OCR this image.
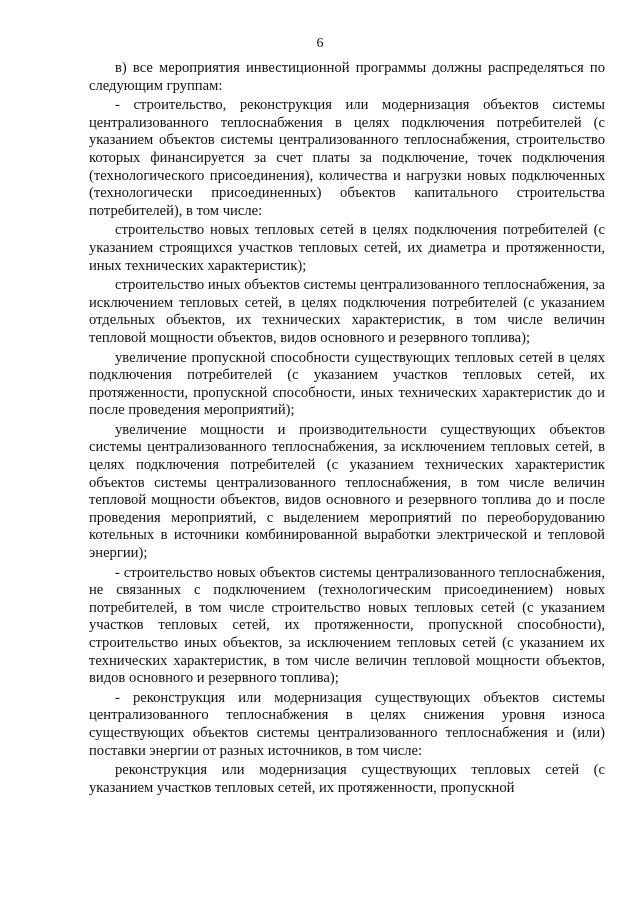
6

в) все мероприятия инвестиционной программы должны распределяться по следующим группам:

- строительство, реконструкция или модернизация объектов системы централизованного теплоснабжения в целях подключения потребителей (с указанием объектов системы централизованного теплоснабжения, строительство которых финансируется за счет платы за подключение, точек подключения (технологического присоединения), количества и нагрузки новых подключенных (технологически присоединенных) объектов капитального строительства потребителей), в том числе:

строительство новых тепловых сетей в целях подключения потребителей (с указанием строящихся участков тепловых сетей, их диаметра и протяженности, иных технических характеристик);

строительство иных объектов системы централизованного теплоснабжения, за исключением тепловых сетей, в целях подключения потребителей (с указанием отдельных объектов, их технических характеристик, в том числе величин тепловой мощности объектов, видов основного и резервного топлива);

увеличение пропускной способности существующих тепловых сетей в целях подключения потребителей (с указанием участков тепловых сетей, их протяженности, пропускной способности, иных технических характеристик до и после проведения мероприятий);

увеличение мощности и производительности существующих объектов системы централизованного теплоснабжения, за исключением тепловых сетей, в целях подключения потребителей (с указанием технических характеристик объектов системы централизованного теплоснабжения, в том числе величин тепловой мощности объектов, видов основного и резервного топлива до и после проведения мероприятий, с выделением мероприятий по переоборудованию котельных в источники комбинированной выработки электрической и тепловой энергии);

- строительство новых объектов системы централизованного теплоснабжения, не связанных с подключением (технологическим присоединением) новых потребителей, в том числе строительство новых тепловых сетей (с указанием участков тепловых сетей, их протяженности, пропускной способности), строительство иных объектов, за исключением тепловых сетей (с указанием их технических характеристик, в том числе величин тепловой мощности объектов, видов основного и резервного топлива);

- реконструкция или модернизация существующих объектов системы централизованного теплоснабжения в целях снижения уровня износа существующих объектов системы централизованного теплоснабжения и (или) поставки энергии от разных источников, в том числе:

реконструкция или модернизация существующих тепловых сетей (с указанием участков тепловых сетей, их протяженности, пропускной
